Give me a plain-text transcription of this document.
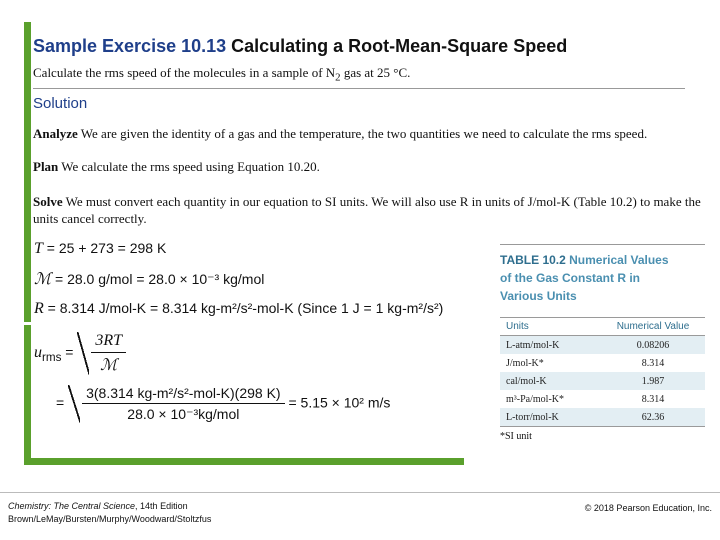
Sample Exercise 10.13 Calculating a Root-Mean-Square Speed
Calculate the rms speed of the molecules in a sample of $N_2$ gas at 25 °C.
Solution
Analyze We are given the identity of a gas and the temperature, the two quantities we need to calculate the rms speed.
Plan We calculate the rms speed using Equation 10.20.
Solve We must convert each quantity in our equation to SI units. We will also use R in units of J/mol-K (Table 10.2) to make the units cancel correctly.
T = 25 + 273 = 298 K
ℳ = 28.0 g/mol = 28.0 × 10⁻³ kg/mol
R = 8.314 J/mol-K = 8.314 kg-m²/s²-mol-K (Since 1 J = 1 kg-m²/s²)
$u_{rms} = \frac{3RT}{\text{ℳ}}$
= $\frac{\text{3(8.314 kg-m²/s²-mol-K)(298 K)}}{\text{28.0 × 10⁻³kg/mol}} = 5.15 \times 10^2$ m/s
TABLE 10.2 Numerical Values
of the Gas Constant R in
Various Units
Units	Numerical Value
L-atm/mol-K	0.08206
J/mol-K*	8.314
cal/mol-K	1.987
m³-Pa/mol-K*	8.314
L-torr/mol-K	62.36
*SI unit
Chemistry: The Central Science, 14th Edition
Brown/LeMay/Bursten/Murphy/Woodward/Stoltzfus
© 2018 Pearson Education, Inc.
